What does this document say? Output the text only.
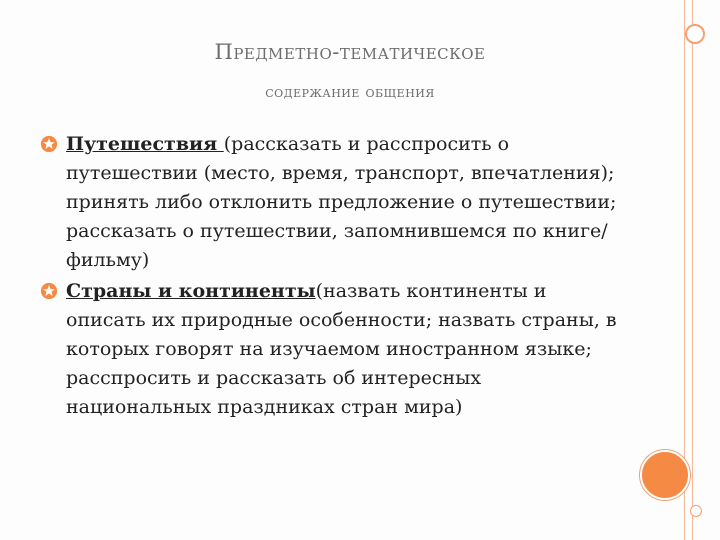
Предметно-тематическое
содержание общения
Путешествия (рассказать и расспросить о путешествии (место, время, транспорт, впечатления); принять либо отклонить предложение о путешествии; рассказать о путешествии, запомнившемся по книге/фильму)
Страны и континенты(назвать континенты и описать их природные особенности; назвать страны, в которых говорят на изучаемом иностранном языке; расспросить и рассказать об интересных национальных праздниках стран мира)
